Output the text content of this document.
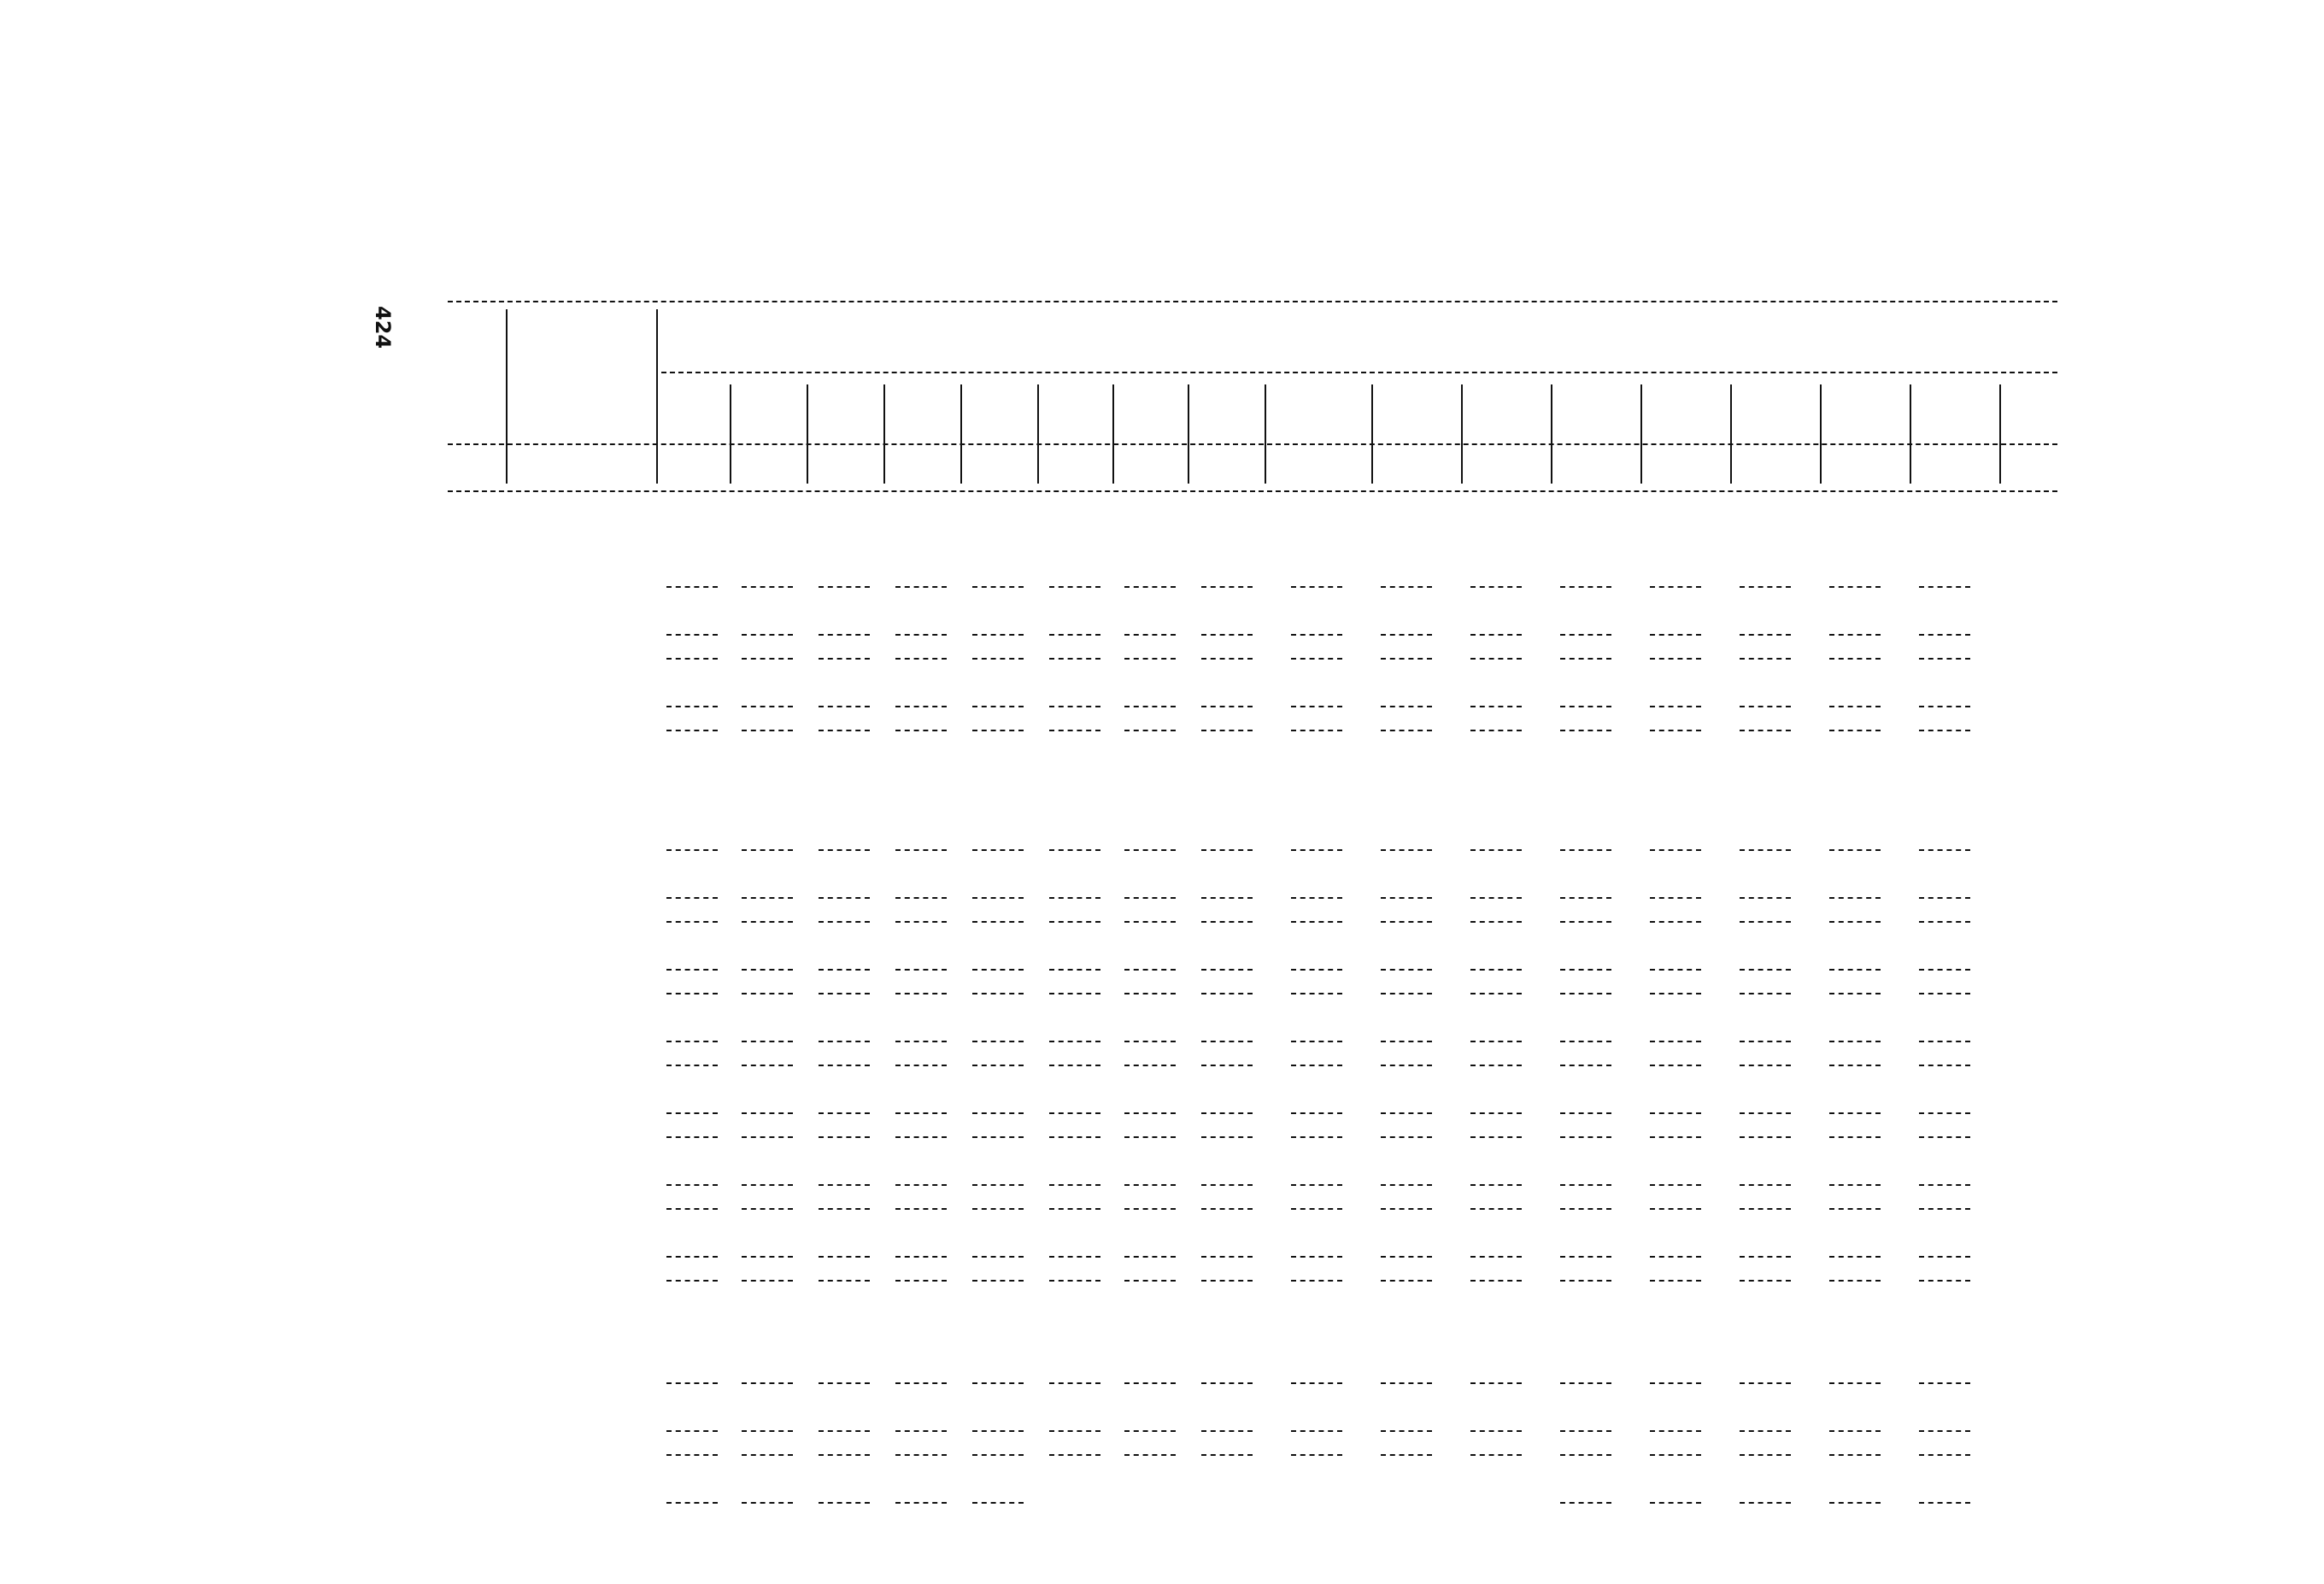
424
